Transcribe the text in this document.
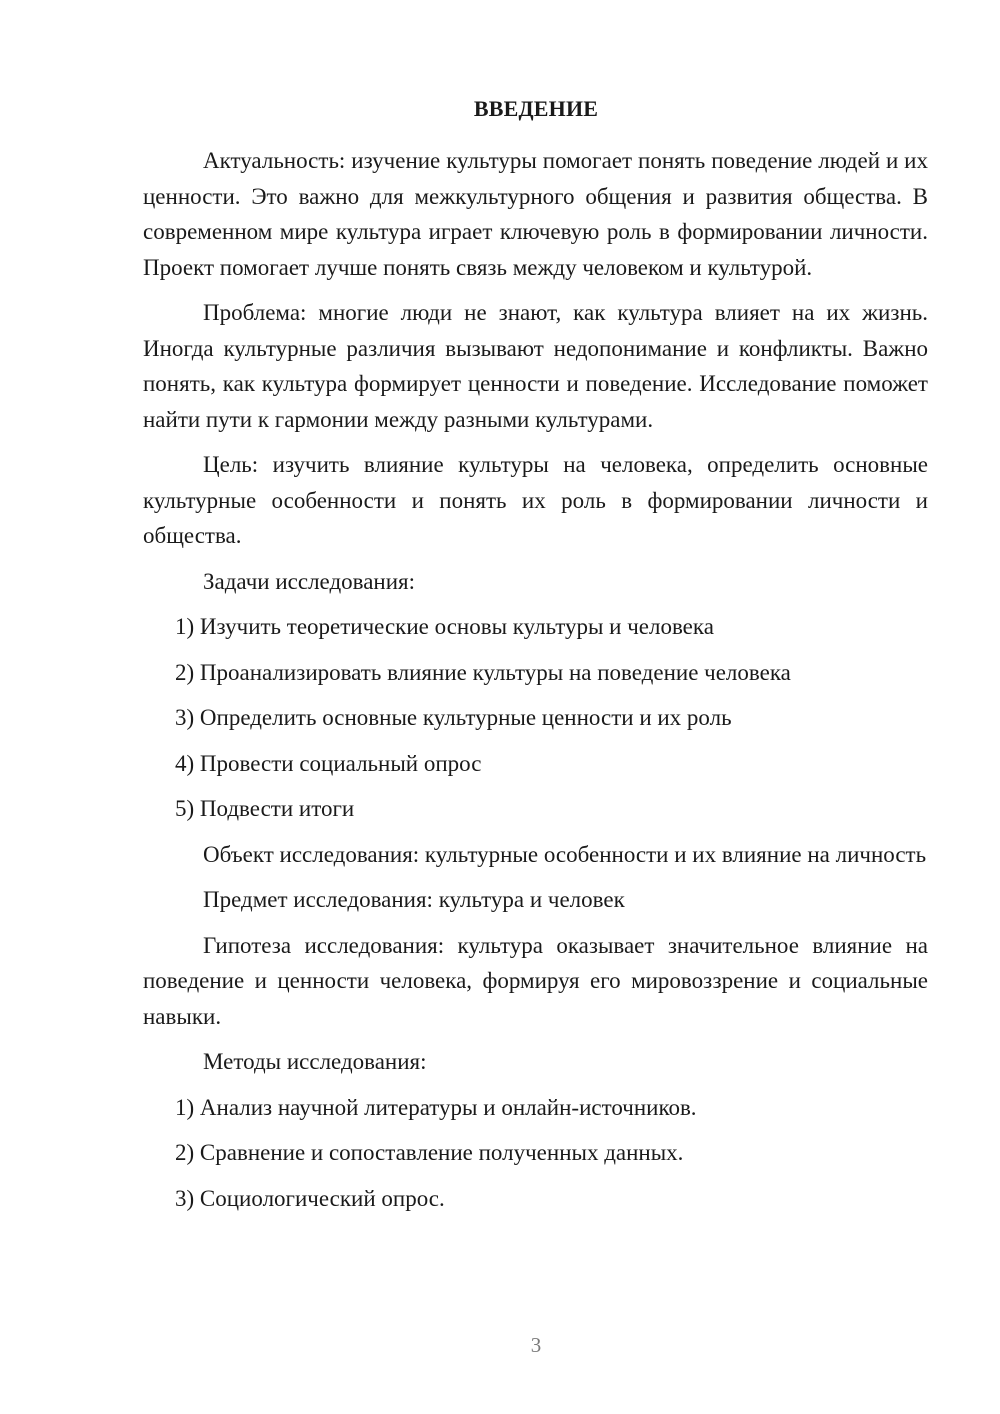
ВВЕДЕНИЕ

Актуальность: изучение культуры помогает понять поведение людей и их ценности. Это важно для межкультурного общения и развития общества. В современном мире культура играет ключевую роль в формировании личности. Проект помогает лучше понять связь между человеком и культурой.

Проблема: многие люди не знают, как культура влияет на их жизнь. Иногда культурные различия вызывают недопонимание и конфликты. Важно понять, как культура формирует ценности и поведение. Исследование поможет найти пути к гармонии между разными культурами.

Цель: изучить влияние культуры на человека, определить основные культурные особенности и понять их роль в формировании личности и общества.

Задачи исследования:

1) Изучить теоретические основы культуры и человека

2) Проанализировать влияние культуры на поведение человека

3) Определить основные культурные ценности и их роль

4) Провести социальный опрос

5) Подвести итоги

Объект исследования: культурные особенности и их влияние на личность

Предмет исследования: культура и человек

Гипотеза исследования: культура оказывает значительное влияние на поведение и ценности человека, формируя его мировоззрение и социальные навыки.

Методы исследования:

1) Анализ научной литературы и онлайн-источников.

2) Сравнение и сопоставление полученных данных.

3) Социологический опрос.

3
